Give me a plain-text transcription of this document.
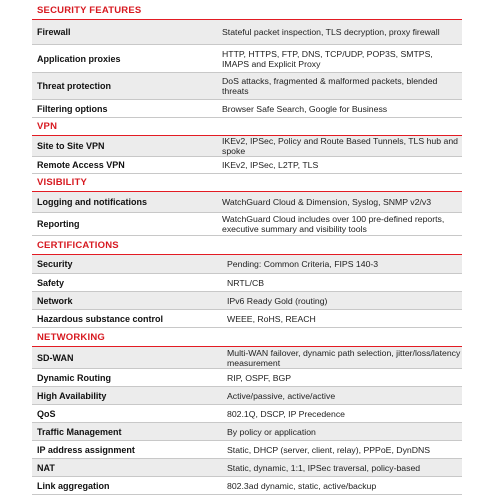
SECURITY FEATURES
Firewall	Stateful packet inspection, TLS decryption, proxy firewall
Application proxies	HTTP, HTTPS, FTP, DNS, TCP/UDP, POP3S, SMTPS, IMAPS and Explicit Proxy
Threat protection	DoS attacks, fragmented & malformed packets, blended threats
Filtering options	Browser Safe Search, Google for Business
VPN
Site to Site VPN	IKEv2, IPSec, Policy and Route Based Tunnels, TLS hub and spoke
Remote Access VPN	IKEv2, IPSec, L2TP, TLS
VISIBILITY
Logging and notifications	WatchGuard Cloud & Dimension, Syslog, SNMP v2/v3
Reporting	WatchGuard Cloud includes over 100 pre-defined reports, executive summary and visibility tools
CERTIFICATIONS
Security	Pending: Common Criteria, FIPS 140-3
Safety	NRTL/CB
Network	IPv6 Ready Gold (routing)
Hazardous substance control	WEEE, RoHS, REACH
NETWORKING
SD-WAN	Multi-WAN failover, dynamic path selection, jitter/loss/latency measurement
Dynamic Routing	RIP, OSPF, BGP
High Availability	Active/passive, active/active
QoS	802.1Q, DSCP, IP Precedence
Traffic Management	By policy or application
IP address assignment	Static, DHCP (server, client, relay), PPPoE, DynDNS
NAT	Static, dynamic, 1:1, IPSec traversal, policy-based
Link aggregation	802.3ad dynamic, static, active/backup
